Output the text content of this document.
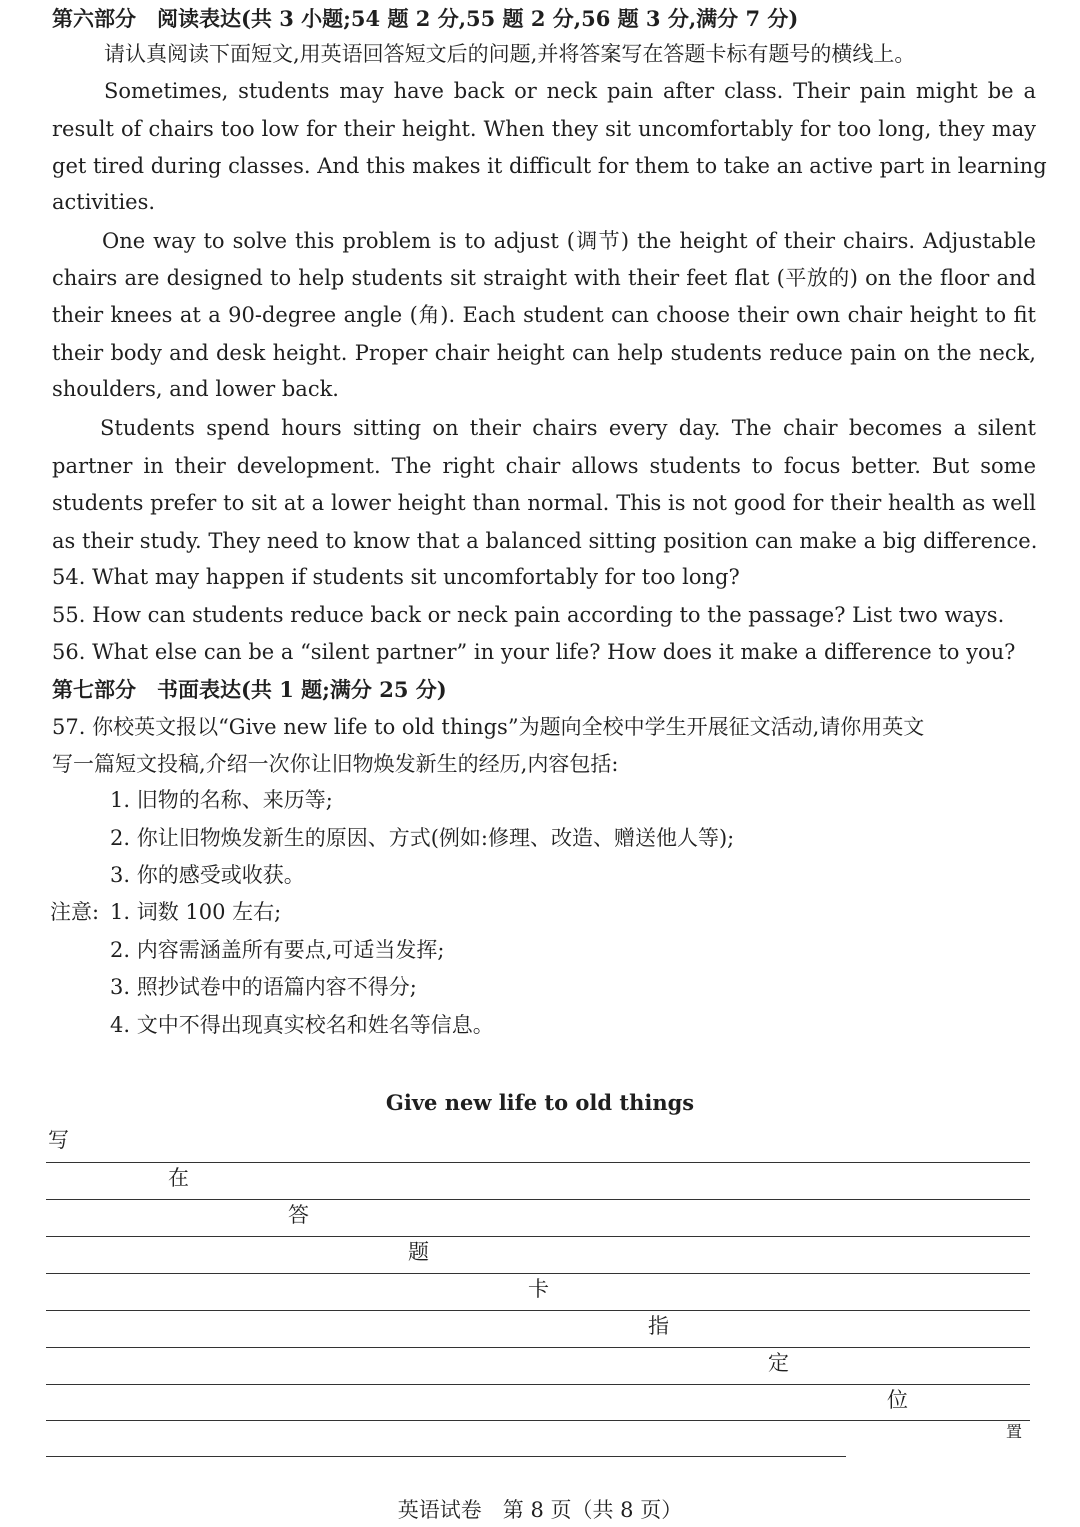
第六部分　阅读表达(共 3 小题;54 题 2 分,55 题 2 分,56 题 3 分,满分 7 分)
请认真阅读下面短文,用英语回答短文后的问题,并将答案写在答题卡标有题号的横线上。
Sometimes, students may have back or neck pain after class. Their pain might be a
result of chairs too low for their height. When they sit uncomfortably for too long, they may
get tired during classes. And this makes it difficult for them to take an active part in learning
activities.
One way to solve this problem is to adjust (调节) the height of their chairs. Adjustable
chairs are designed to help students sit straight with their feet flat (平放的) on the floor and
their knees at a 90-degree angle (角). Each student can choose their own chair height to fit
their body and desk height. Proper chair height can help students reduce pain on the neck,
shoulders, and lower back.
Students spend hours sitting on their chairs every day. The chair becomes a silent
partner in their development. The right chair allows students to focus better. But some
students prefer to sit at a lower height than normal. This is not good for their health as well
as their study. They need to know that a balanced sitting position can make a big difference.
54. What may happen if students sit uncomfortably for too long?
55. How can students reduce back or neck pain according to the passage? List two ways.
56. What else can be a “silent partner” in your life? How does it make a difference to you?
第七部分　书面表达(共 1 题;满分 25 分)
57. 你校英文报以“Give new life to old things”为题向全校中学生开展征文活动,请你用英文
写一篇短文投稿,介绍一次你让旧物焕发新生的经历,内容包括:
1. 旧物的名称、来历等;
2. 你让旧物焕发新生的原因、方式(例如:修理、改造、赠送他人等);
3. 你的感受或收获。
注意: 1. 词数 100 左右;
2. 内容需涵盖所有要点,可适当发挥;
3. 照抄试卷中的语篇内容不得分;
4. 文中不得出现真实校名和姓名等信息。
Give new life to old things
写
在
答
题
卡
指
定
位
置
英语试卷　第 8 页（共 8 页）
